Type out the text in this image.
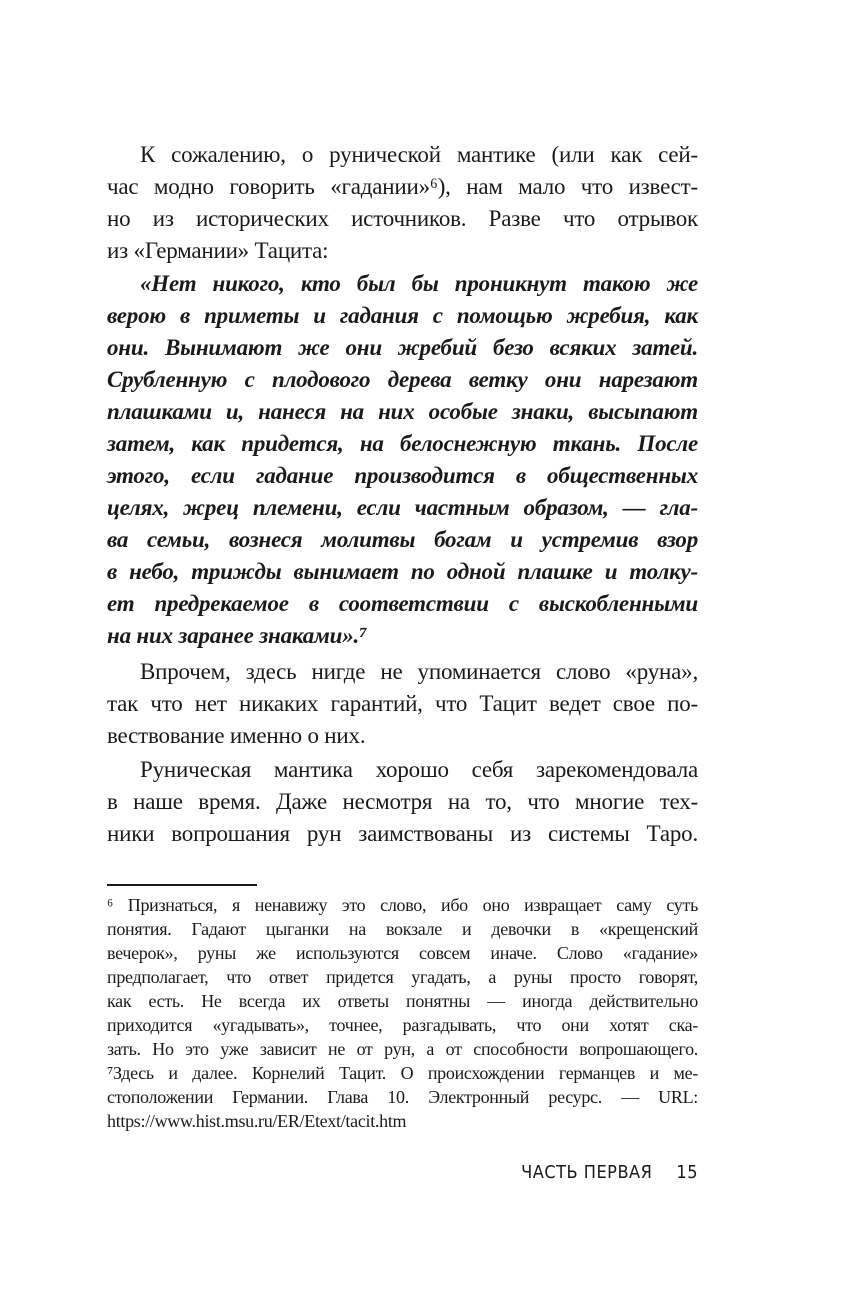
К сожалению, о рунической мантике (или как сей-
час модно говорить «гадании»⁶), нам мало что извест-
но из исторических источников. Разве что отрывок
из «Германии» Тацита:
«Нет никого, кто был бы проникнут такою же
верою в приметы и гадания с помощью жребия, как
они. Вынимают же они жребий безо всяких затей.
Срубленную с плодового дерева ветку они нарезают
плашками и, нанеся на них особые знаки, высыпают
затем, как придется, на белоснежную ткань. После
этого, если гадание производится в общественных
целях, жрец племени, если частным образом, — гла-
ва семьи, вознеся молитвы богам и устремив взор
в небо, трижды вынимает по одной плашке и толку-
ет предрекаемое в соответствии с выскобленными
на них заранее знаками».⁷
Впрочем, здесь нигде не упоминается слово «руна»,
так что нет никаких гарантий, что Тацит ведет свое по-
вествование именно о них.
Руническая мантика хорошо себя зарекомендовала
в наше время. Даже несмотря на то, что многие тех-
ники вопрошания рун заимствованы из системы Таро.
⁶ Признаться, я ненавижу это слово, ибо оно извращает саму суть
понятия. Гадают цыганки на вокзале и девочки в «крещенский
вечерок», руны же используются совсем иначе. Слово «гадание»
предполагает, что ответ придется угадать, а руны просто говорят,
как есть. Не всегда их ответы понятны — иногда действительно
приходится «угадывать», точнее, разгадывать, что они хотят ска-
зать. Но это уже зависит не от рун, а от способности вопрошающего.
⁷Здесь и далее. Корнелий Тацит. О происхождении германцев и ме-
стоположении Германии. Глава 10. Электронный ресурс. — URL:
https://www.hist.msu.ru/ER/Etext/tacit.htm
ЧАСТЬ ПЕРВАЯ 15
